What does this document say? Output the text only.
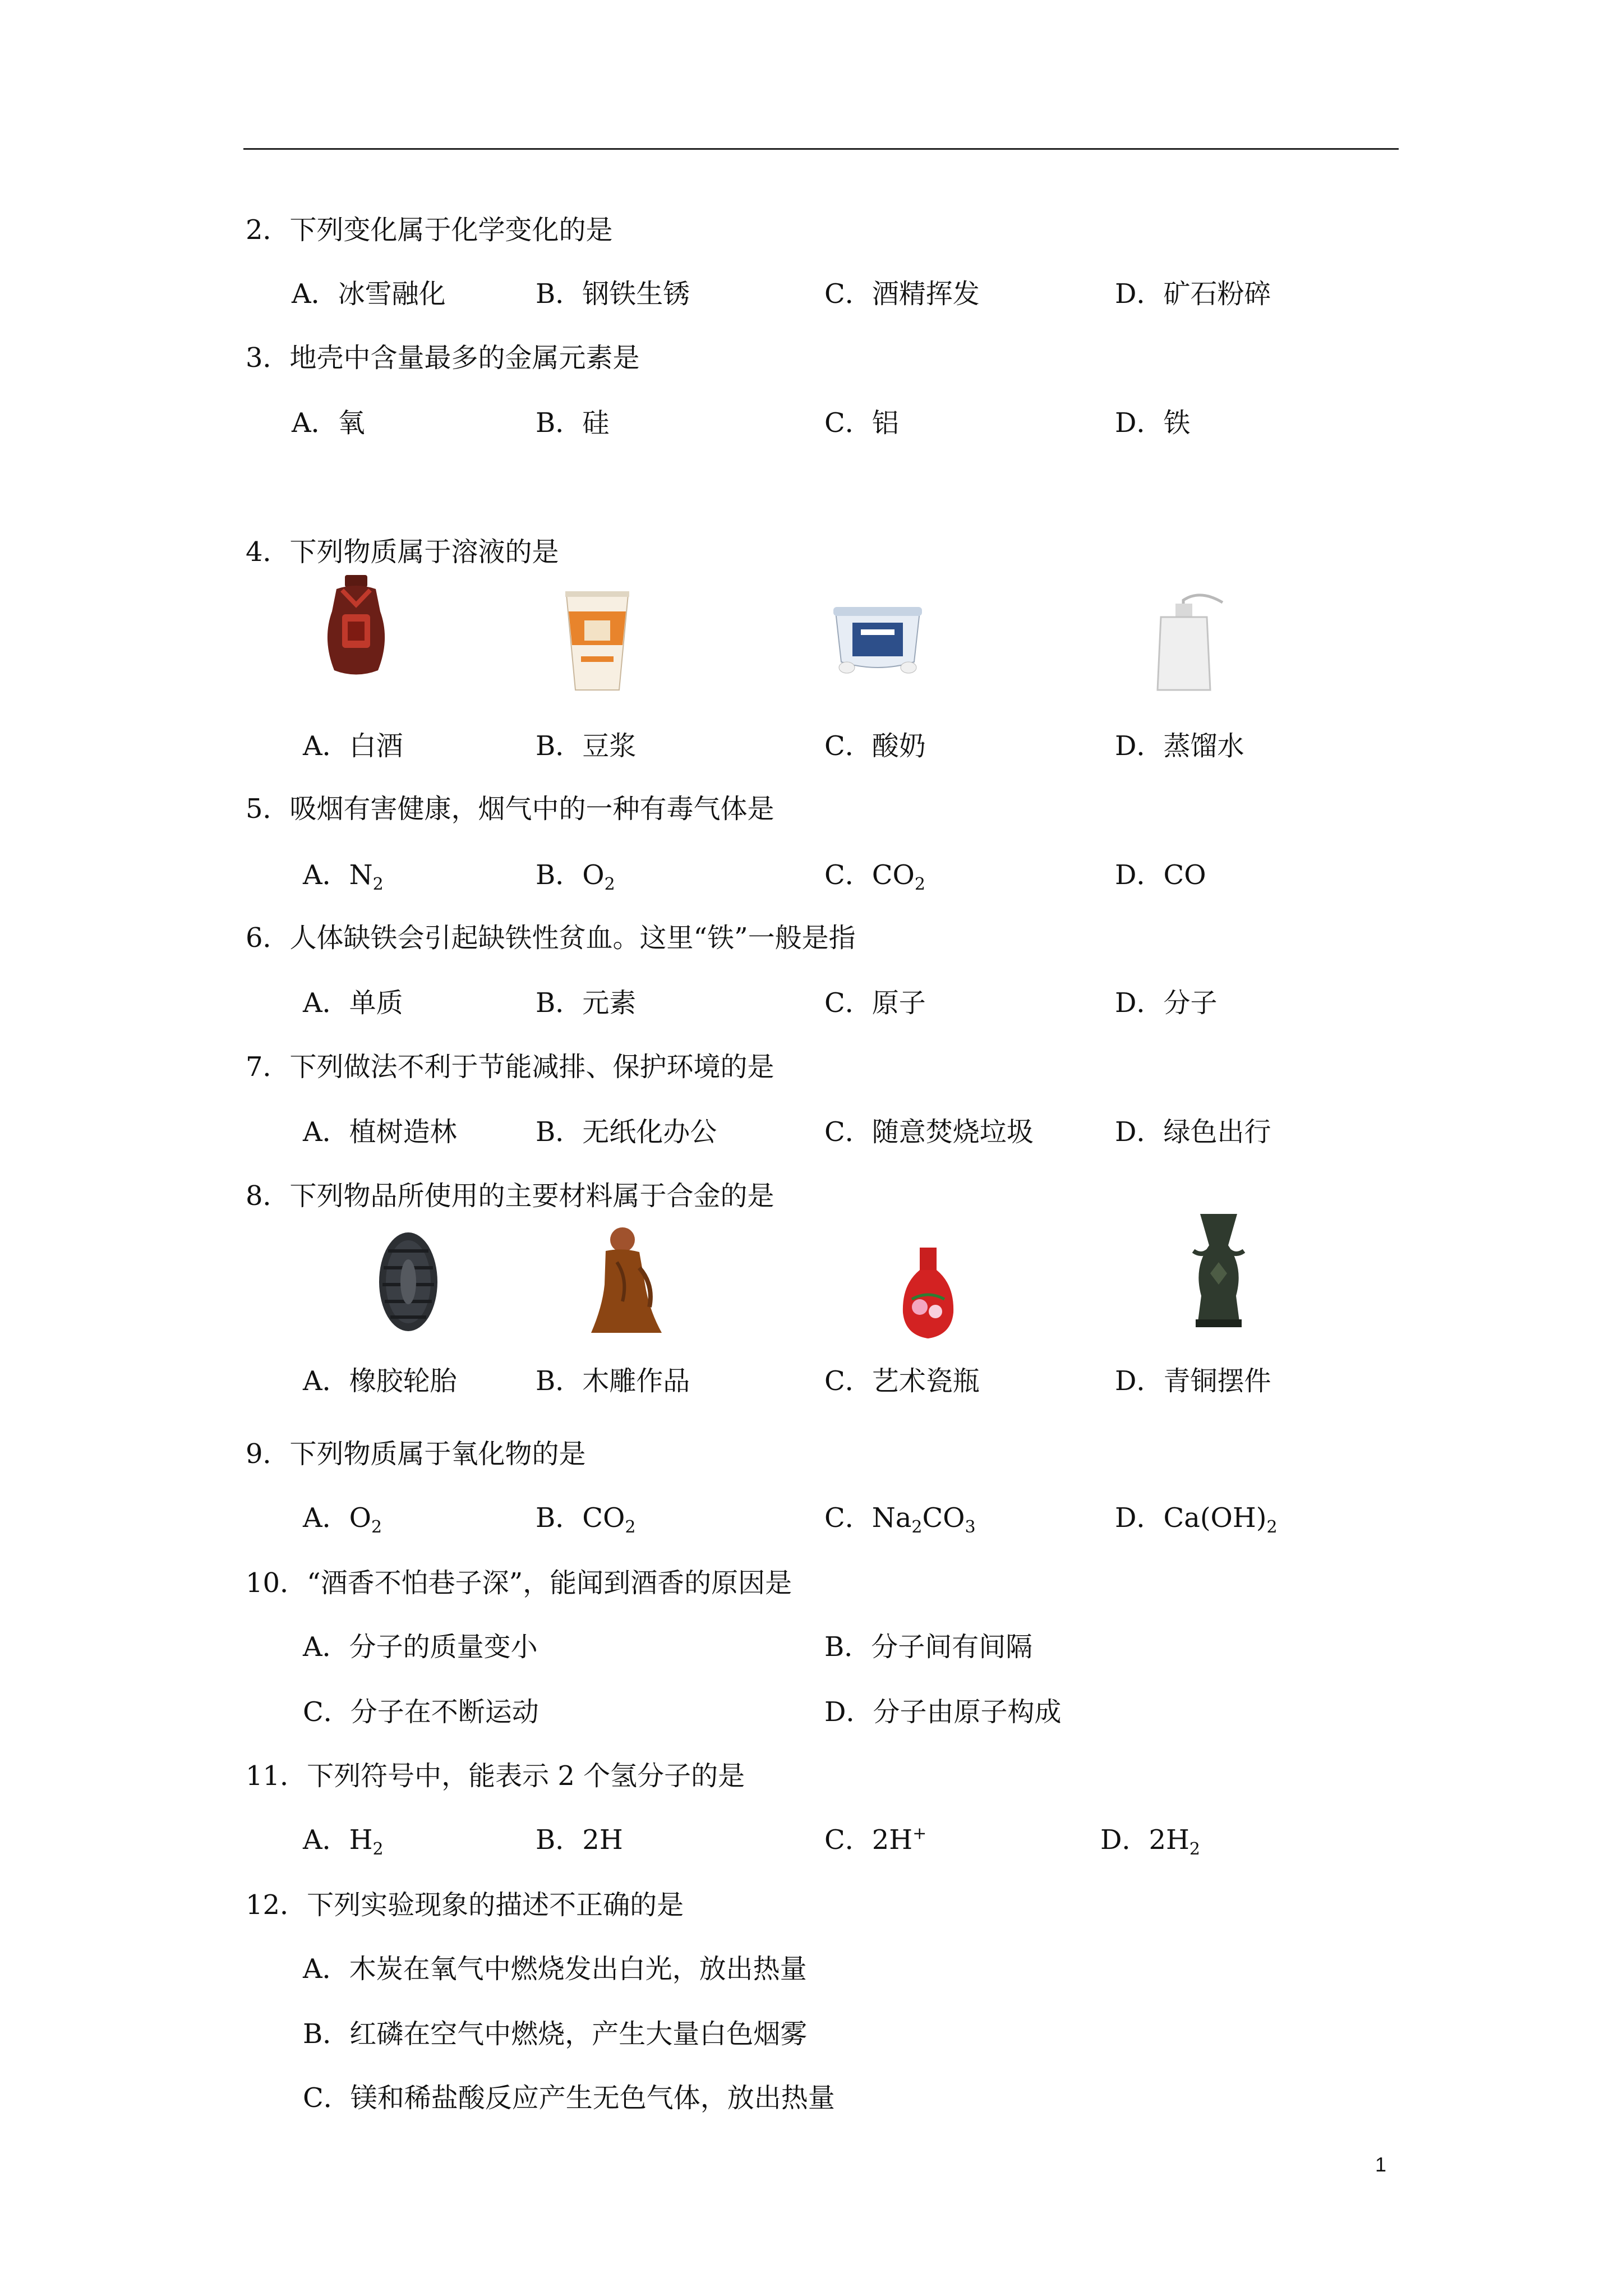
2．下列变化属于化学变化的是
A．冰雪融化	B．钢铁生锈	C．酒精挥发	D．矿石粉碎
3．地壳中含量最多的金属元素是
A．氧	B．硅	C．铝	D．铁
4．下列物质属于溶液的是
A．白酒	B．豆浆	C．酸奶	D．蒸馏水
5．吸烟有害健康，烟气中的一种有毒气体是
A．$N_2$	B．$O_2$	C．$CO_2$	D．CO
6．人体缺铁会引起缺铁性贫血。这里“铁”一般是指
A．单质	B．元素	C．原子	D．分子
7．下列做法不利于节能减排、保护环境的是
A．植树造林	B．无纸化办公	C．随意焚烧垃圾	D．绿色出行
8．下列物品所使用的主要材料属于合金的是
A．橡胶轮胎	B．木雕作品	C．艺术瓷瓶	D．青铜摆件
9．下列物质属于氧化物的是
A．$O_2$	B．$CO_2$	C．$Na_2CO_3$	D．$Ca(OH)_2$
10．“酒香不怕巷子深”，能闻到酒香的原因是
A．分子的质量变小	B．分子间有间隔
C．分子在不断运动	D．分子由原子构成
11．下列符号中，能表示 2 个氢分子的是
A．$H_2$	B．2H	C．2H+	D．$2H_2$
12．下列实验现象的描述不正确的是
A．木炭在氧气中燃烧发出白光，放出热量
B．红磷在空气中燃烧，产生大量白色烟雾
C．镁和稀盐酸反应产生无色气体，放出热量
1
